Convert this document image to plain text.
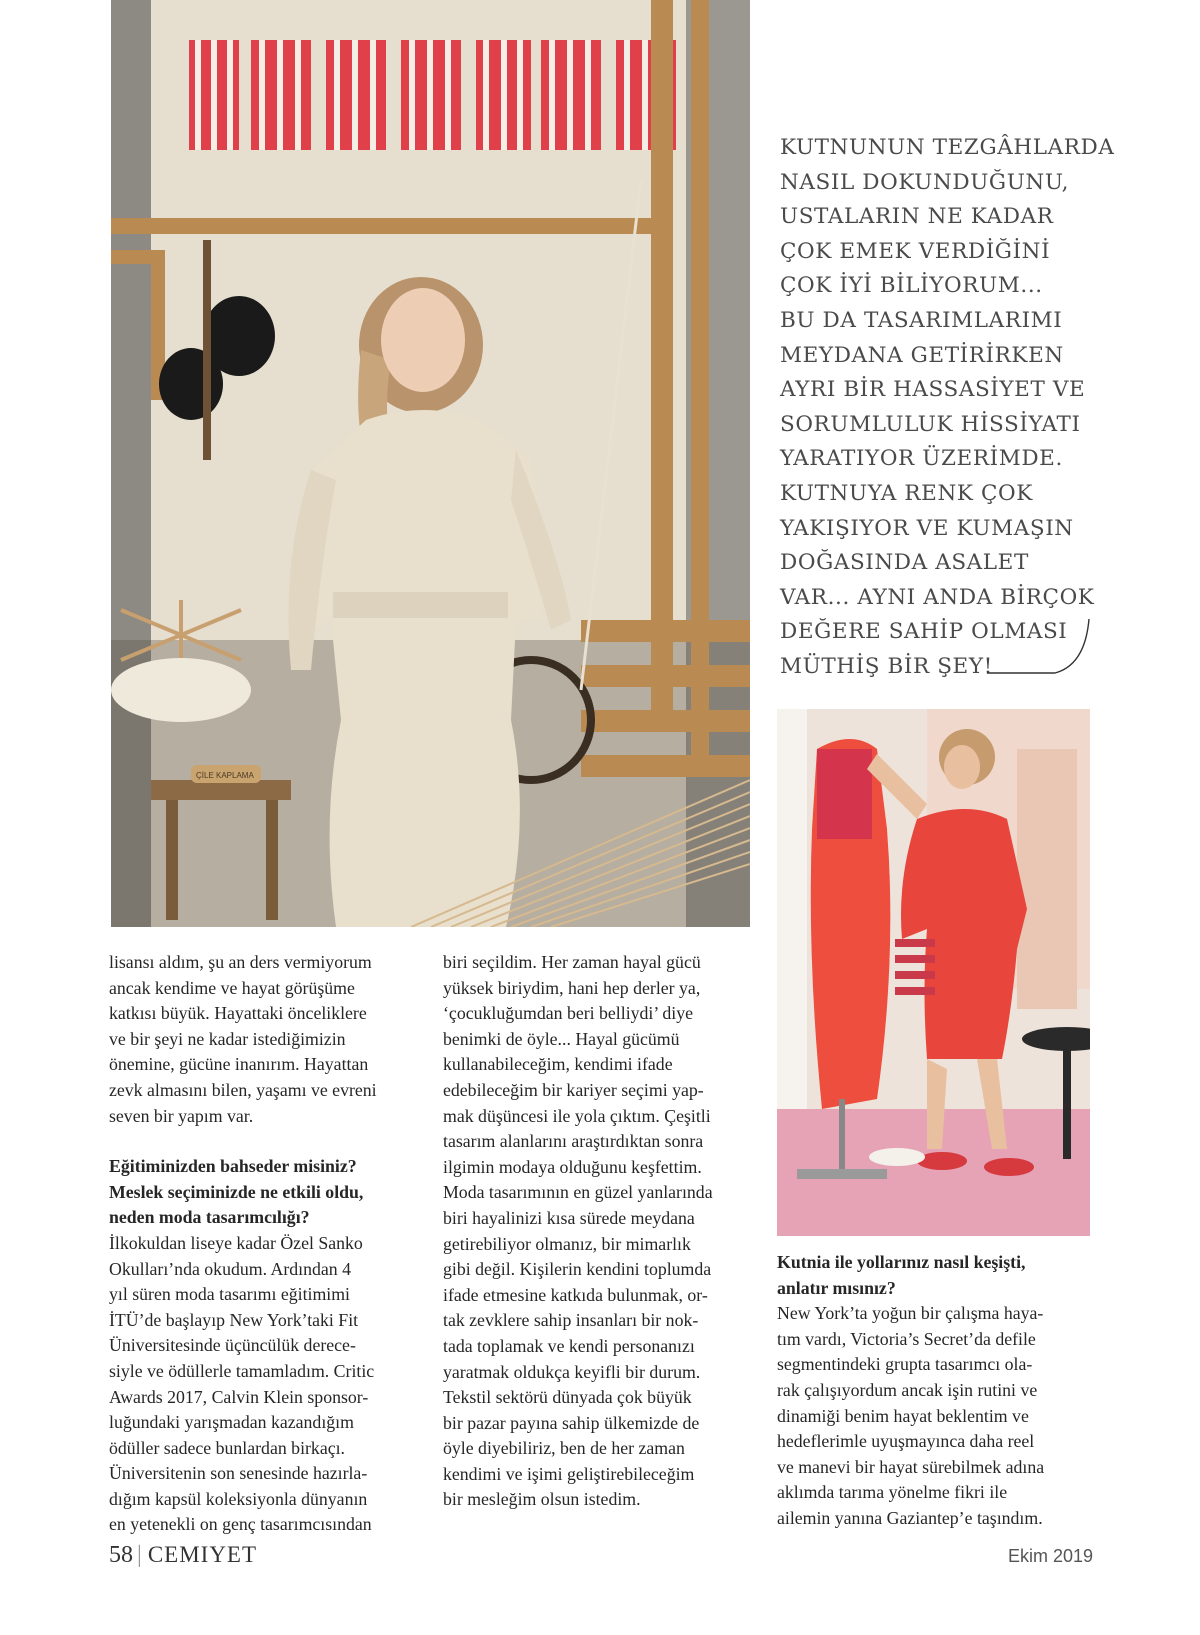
ÇİLE KAPLAMA
KUTNUNUN TEZGÂHLARDA
NASIL DOKUNDUĞUNU,
USTALARIN NE KADAR
ÇOK EMEK VERDİĞİNİ
ÇOK İYİ BİLİYORUM...
BU DA TASARIMLARIMI
MEYDANA GETİRİRKEN
AYRI BİR HASSASİYET VE
SORUMLULUK HİSSİYATI
YARATIYOR ÜZERİMDE.
KUTNUYA RENK ÇOK
YAKIŞIYOR VE KUMAŞIN
DOĞASINDA ASALET
VAR... AYNI ANDA BİRÇOK
DEĞERE SAHİP OLMASI
MÜTHİŞ BİR ŞEY!
lisansı aldım, şu an ders vermiyorum
ancak kendime ve hayat görüşüme
katkısı büyük. Hayattaki önceliklere
ve bir şeyi ne kadar istediğimizin
önemine, gücüne inanırım. Hayattan
zevk almasını bilen, yaşamı ve evreni
seven bir yapım var.
Eğitiminizden bahseder misiniz?
Meslek seçiminizde ne etkili oldu,
neden moda tasarımcılığı?
İlkokuldan liseye kadar Özel Sanko
Okulları’nda okudum. Ardından 4
yıl süren moda tasarımı eğitimimi
İTÜ’de başlayıp New York’taki Fit
Üniversitesinde üçüncülük derece-
siyle ve ödüllerle tamamladım. Critic
Awards 2017, Calvin Klein sponsor-
luğundaki yarışmadan kazandığım
ödüller sadece bunlardan birkaçı.
Üniversitenin son senesinde hazırla-
dığım kapsül koleksiyonla dünyanın
en yetenekli on genç tasarımcısından
biri seçildim. Her zaman hayal gücü
yüksek biriydim, hani hep derler ya,
‘çocukluğumdan beri belliydi’ diye
benimki de öyle... Hayal gücümü
kullanabileceğim, kendimi ifade
edebileceğim bir kariyer seçimi yap-
mak düşüncesi ile yola çıktım. Çeşitli
tasarım alanlarını araştırdıktan sonra
ilgimin modaya olduğunu keşfettim.
Moda tasarımının en güzel yanlarında
biri hayalinizi kısa sürede meydana
getirebiliyor olmanız, bir mimarlık
gibi değil. Kişilerin kendini toplumda
ifade etmesine katkıda bulunmak, or-
tak zevklere sahip insanları bir nok-
tada toplamak ve kendi personanızı
yaratmak oldukça keyifli bir durum.
Tekstil sektörü dünyada çok büyük
bir pazar payına sahip ülkemizde de
öyle diyebiliriz, ben de her zaman
kendimi ve işimi geliştirebileceğim
bir mesleğim olsun istedim.
Kutnia ile yollarınız nasıl keşişti,
anlatır mısınız?
New York’ta yoğun bir çalışma haya-
tım vardı, Victoria’s Secret’da defile
segmentindeki grupta tasarımcı ola-
rak çalışıyordum ancak işin rutini ve
dinamiği benim hayat beklentim ve
hedeflerimle uyuşmayınca daha reel
ve manevi bir hayat sürebilmek adına
aklımda tarıma yönelme fikri ile
ailemin yanına Gaziantep’e taşındım.
58 | CEMIYET	Ekim 2019
